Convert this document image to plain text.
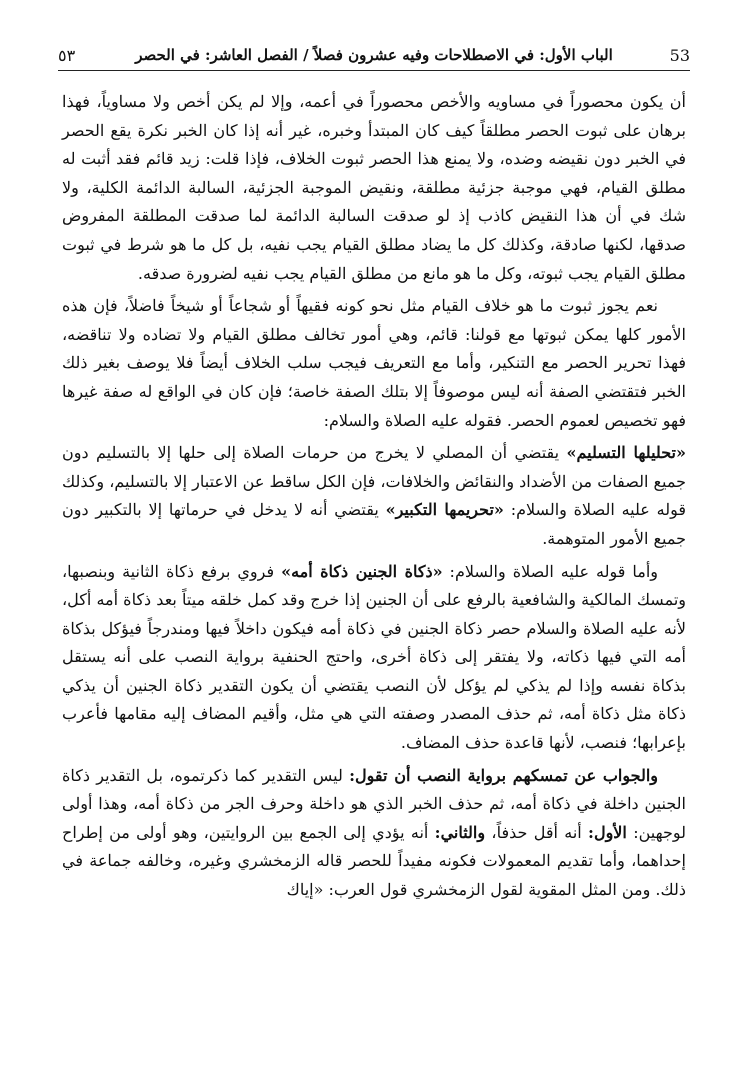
53
الباب الأول: في الاصطلاحات وفيه عشرون فصلاً / الفصل العاشر: في الحصر
٥٣

أن يكون محصوراً في مساويه والأخص محصوراً في أعمه، وإلا لم يكن أخص ولا مساوياً، فهذا برهان على ثبوت الحصر مطلقاً كيف كان المبتدأ وخبره، غير أنه إذا كان الخبر نكرة يقع الحصر في الخبر دون نقيضه وضده، ولا يمنع هذا الحصر ثبوت الخلاف، فإذا قلت: زيد قائم فقد أثبت له مطلق القيام، فهي موجبة جزئية مطلقة، ونقيض الموجبة الجزئية، السالبة الدائمة الكلية، ولا شك في أن هذا النقيض كاذب إذ لو صدقت السالبة الدائمة لما صدقت المطلقة المفروض صدقها، لكنها صادقة، وكذلك كل ما يضاد مطلق القيام يجب نفيه، بل كل ما هو شرط في ثبوت مطلق القيام يجب ثبوته، وكل ما هو مانع من مطلق القيام يجب نفيه لضرورة صدقه.

نعم يجوز ثبوت ما هو خلاف القيام مثل نحو كونه فقيهاً أو شجاعاً أو شيخاً فاضلاً، فإن هذه الأمور كلها يمكن ثبوتها مع قولنا: قائم، وهي أمور تخالف مطلق القيام ولا تضاده ولا تناقضه، فهذا تحرير الحصر مع التنكير، وأما مع التعريف فيجب سلب الخلاف أيضاً فلا يوصف بغير ذلك الخبر فتقتضي الصفة أنه ليس موصوفاً إلا بتلك الصفة خاصة؛ فإن كان في الواقع له صفة غيرها فهو تخصيص لعموم الحصر. فقوله عليه الصلاة والسلام:

«تحليلها التسليم» يقتضي أن المصلي لا يخرج من حرمات الصلاة إلى حلها إلا بالتسليم دون جميع الصفات من الأضداد والنقائض والخلافات، فإن الكل ساقط عن الاعتبار إلا بالتسليم، وكذلك قوله عليه الصلاة والسلام: «تحريمها التكبير» يقتضي أنه لا يدخل في حرماتها إلا بالتكبير دون جميع الأمور المتوهمة.

وأما قوله عليه الصلاة والسلام: «ذكاة الجنين ذكاة أمه» فروي برفع ذكاة الثانية وبنصبها، وتمسك المالكية والشافعية بالرفع على أن الجنين إذا خرج وقد كمل خلقه ميتاً بعد ذكاة أمه أكل، لأنه عليه الصلاة والسلام حصر ذكاة الجنين في ذكاة أمه فيكون داخلاً فيها ومندرجاً فيؤكل بذكاة أمه التي فيها ذكاته، ولا يفتقر إلى ذكاة أخرى، واحتج الحنفية برواية النصب على أنه يستقل بذكاة نفسه وإذا لم يذكي لم يؤكل لأن النصب يقتضي أن يكون التقدير ذكاة الجنين أن يذكي ذكاة مثل ذكاة أمه، ثم حذف المصدر وصفته التي هي مثل، وأقيم المضاف إليه مقامها فأعرب بإعرابها؛ فنصب، لأنها قاعدة حذف المضاف.

والجواب عن تمسكهم برواية النصب أن تقول: ليس التقدير كما ذكرتموه، بل التقدير ذكاة الجنين داخلة في ذكاة أمه، ثم حذف الخبر الذي هو داخلة وحرف الجر من ذكاة أمه، وهذا أولى لوجهين: الأول: أنه أقل حذفاً، والثاني: أنه يؤدي إلى الجمع بين الروايتين، وهو أولى من إطراح إحداهما، وأما تقديم المعمولات فكونه مفيداً للحصر قاله الزمخشري وغيره، وخالفه جماعة في ذلك. ومن المثل المقوية لقول الزمخشري قول العرب: «إياك
